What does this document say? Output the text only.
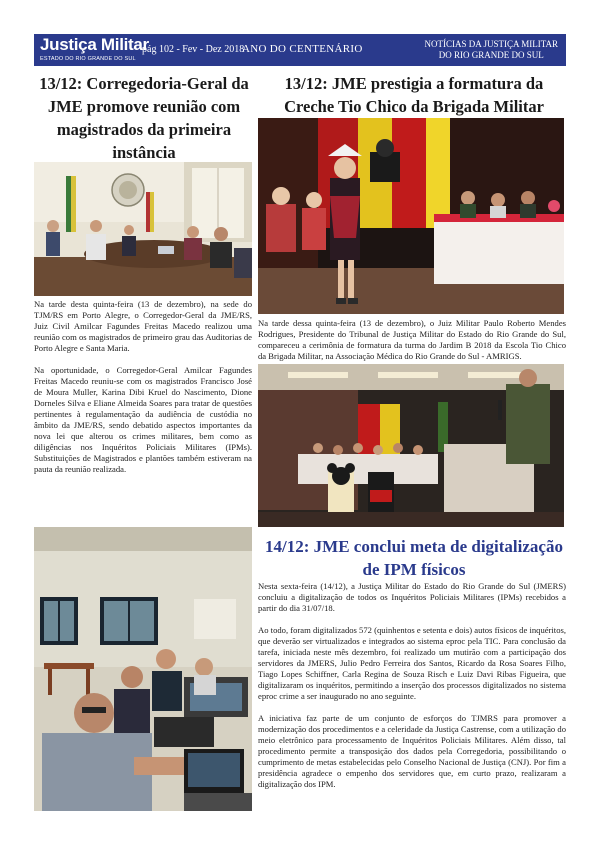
Justiça Militar
ESTADO DO RIO GRANDE DO SUL
pág 102 - Fev - Dez 2018
ANO DO CENTENÁRIO	NOTÍCIAS DA JUSTIÇA MILITAR
DO RIO GRANDE DO SUL
13/12: Corregedoria-Geral da JME promove reunião com magistrados da primeira instância

Na tarde desta quinta-feira (13 de dezembro), na sede do TJM/RS em Porto Alegre, o Corregedor-Geral da JME/RS, Juiz Civil Amilcar Fagundes Freitas Macedo realizou uma reunião com os magistrados de primeiro grau das Auditorias de Porto Alegre e Santa Maria.

Na oportunidade, o Corregedor-Geral Amilcar Fagundes Freitas Macedo reuniu-se com os magistrados Francisco José de Moura Muller, Karina Dibi Kruel do Nascimento, Dione Dorneles Silva e Eliane Almeida Soares para tratar de questões pertinentes à regulamentação da audiência de custódia no âmbito da JME/RS, sendo debatido aspectos importantes da nova lei que alterou os crimes militares, bem como as diligências nos Inquéritos Policiais Militares (IPMs). Substituições de Magistrados e plantões também estiveram na pauta da reunião realizada.

13/12: JME prestigia a formatura da Creche Tio Chico da Brigada Militar

Na tarde dessa quinta-feira (13 de dezembro), o Juiz Militar Paulo Roberto Mendes Rodrigues, Presidente do Tribunal de Justiça Militar do Estado do Rio Grande do Sul, compareceu a cerimônia de formatura da turma do Jardim B 2018 da Escola Tio Chico da Brigada Militar, na Associação Médica do Rio Grande do Sul - AMRIGS.

14/12: JME conclui meta de digitalização de IPM físicos

Nesta sexta-feira (14/12), a Justiça Militar do Estado do Rio Grande do Sul (JMERS) concluiu a digitalização de todos os Inquéritos Policiais Militares (IPMs) recebidos a partir do dia 31/07/18.

Ao todo, foram digitalizados 572 (quinhentos e setenta e dois) autos físicos de inquéritos, que deverão ser virtualizados e integrados ao sistema eproc pela TIC. Para conclusão da tarefa, iniciada neste mês dezembro, foi realizado um mutirão com a participação dos servidores da JMERS, Julio Pedro Ferreira dos Santos, Ricardo da Rosa Soares Filho, Tiago Lopes Schiffner, Carla Regina de Souza Risch e Luiz Davi Ribas Figueira, que digitalizaram os inquéritos, permitindo a inserção dos processos digitalizados no sistema eproc crime a ser inaugurado no ano seguinte.

A iniciativa faz parte de um conjunto de esforços do TJMRS para promover a modernização dos procedimentos e a celeridade da Justiça Castrense, com a utilização do meio eletrônico para processamento de Inquéritos Policiais Militares. Além disso, tal procedimento permite a transposição dos dados pela Corregedoria, possibilitando o cumprimento de metas estabelecidas pelo Conselho Nacional de Justiça (CNJ). Por fim a presidência agradece o empenho dos servidores que, em curto prazo, realizaram a digitalização dos IPM.
